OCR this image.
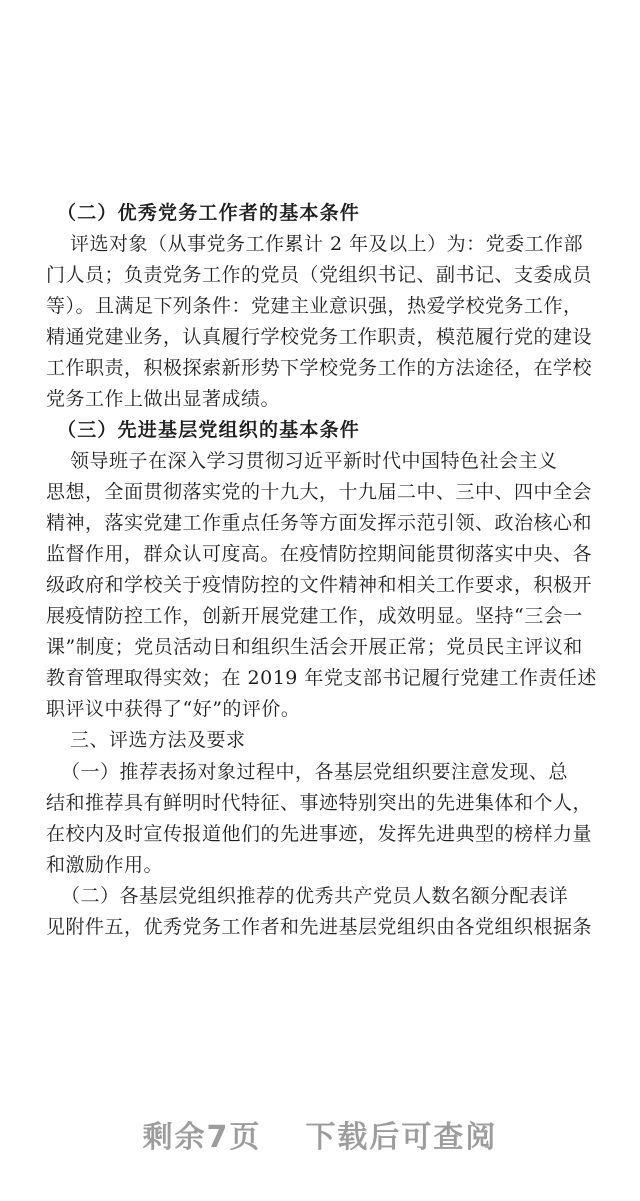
（二）优秀党务工作者的基本条件
评选对象（从事党务工作累计 2 年及以上）为：党委工作部
门人员；负责党务工作的党员（党组织书记、副书记、支委成员
等）。且满足下列条件：党建主业意识强，热爱学校党务工作，
精通党建业务，认真履行学校党务工作职责，模范履行党的建设
工作职责，积极探索新形势下学校党务工作的方法途径，在学校
党务工作上做出显著成绩。
（三）先进基层党组织的基本条件
领导班子在深入学习贯彻习近平新时代中国特色社会主义
思想，全面贯彻落实党的十九大，十九届二中、三中、四中全会
精神，落实党建工作重点任务等方面发挥示范引领、政治核心和
监督作用，群众认可度高。在疫情防控期间能贯彻落实中央、各
级政府和学校关于疫情防控的文件精神和相关工作要求，积极开
展疫情防控工作，创新开展党建工作，成效明显。坚持“三会一
课”制度；党员活动日和组织生活会开展正常；党员民主评议和
教育管理取得实效；在 2019 年党支部书记履行党建工作责任述
职评议中获得了“好”的评价。
三、评选方法及要求
（一）推荐表扬对象过程中，各基层党组织要注意发现、总
结和推荐具有鲜明时代特征、事迹特别突出的先进集体和个人，
在校内及时宣传报道他们的先进事迹，发挥先进典型的榜样力量
和激励作用。
（二）各基层党组织推荐的优秀共产党员人数名额分配表详
见附件五，优秀党务工作者和先进基层党组织由各党组织根据条
剩余7页 下载后可查阅
